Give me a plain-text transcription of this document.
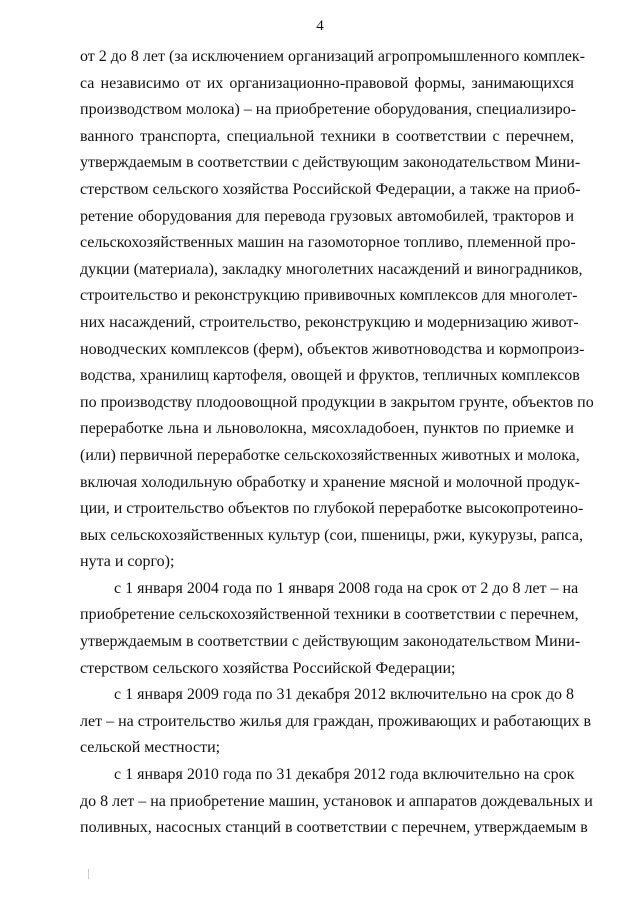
4

от 2 до 8 лет (за исключением организаций агропромышленного комплек-
са независимо от их организационно-правовой формы, занимающихся
производством молока) – на приобретение оборудования, специализиро-
ванного транспорта, специальной техники в соответствии с перечнем,
утверждаемым в соответствии с действующим законодательством Мини-
стерством сельского хозяйства Российской Федерации, а также на приоб-
ретение оборудования для перевода грузовых автомобилей, тракторов и
сельскохозяйственных машин на газомоторное топливо, племенной про-
дукции (материала), закладку многолетних насаждений и виноградников,
строительство и реконструкцию прививочных комплексов для многолет-
них насаждений, строительство, реконструкцию и модернизацию живот-
новодческих комплексов (ферм), объектов животноводства и кормопроиз-
водства, хранилищ картофеля, овощей и фруктов, тепличных комплексов
по производству плодоовощной продукции в закрытом грунте, объектов по
переработке льна и льноволокна, мясохладобоен, пунктов по приемке и
(или) первичной переработке сельскохозяйственных животных и молока,
включая холодильную обработку и хранение мясной и молочной продук-
ции, и строительство объектов по глубокой переработке высокопротеино-
вых сельскохозяйственных культур (сои, пшеницы, ржи, кукурузы, рапса,
нута и сорго);

с 1 января 2004 года по 1 января 2008 года на срок от 2 до 8 лет – на
приобретение сельскохозяйственной техники в соответствии с перечнем,
утверждаемым в соответствии с действующим законодательством Мини-
стерством сельского хозяйства Российской Федерации;

с 1 января 2009 года по 31 декабря 2012 включительно на срок до 8
лет – на строительство жилья для граждан, проживающих и работающих в
сельской местности;

с 1 января 2010 года по 31 декабря 2012 года включительно на срок
до 8 лет – на приобретение машин, установок и аппаратов дождевальных и
поливных, насосных станций в соответствии с перечнем, утверждаемым в
